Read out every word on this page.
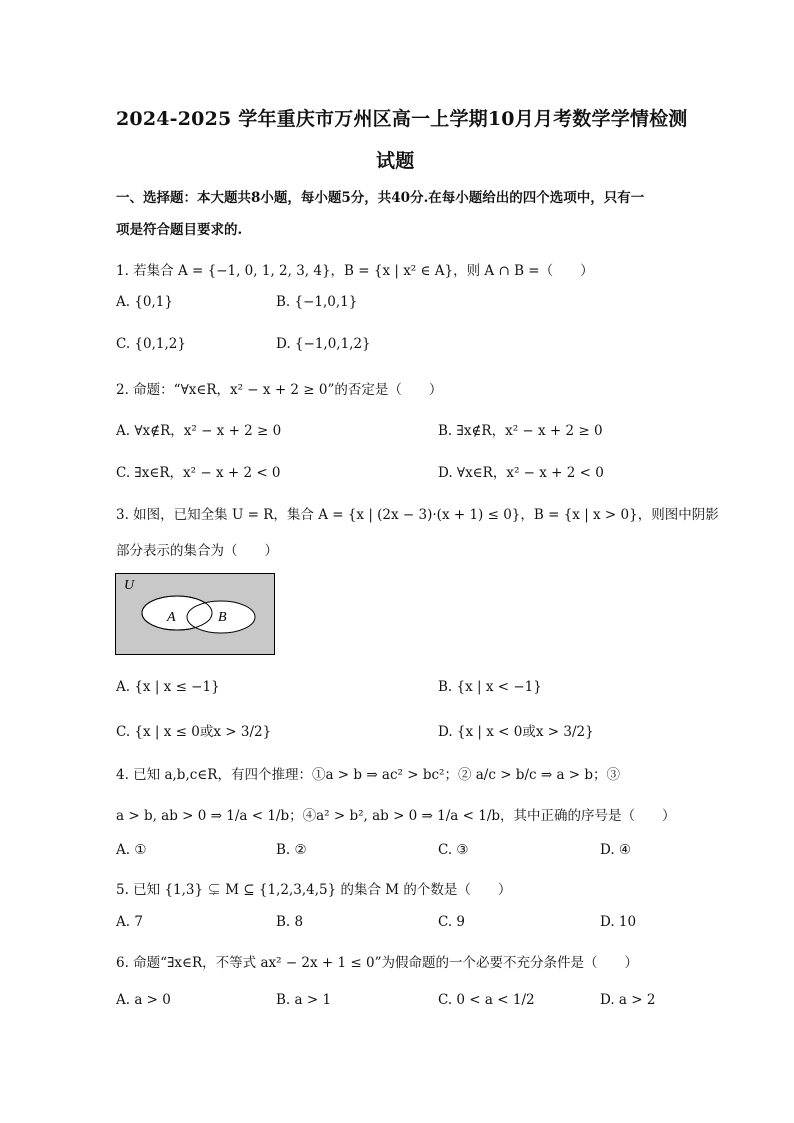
2024-2025 学年重庆市万州区高一上学期10月月考数学学情检测
试题
一、选择题：本大题共8小题，每小题5分，共40分.在每小题给出的四个选项中，只有一
项是符合题目要求的.
1. 若集合 A = {−1, 0, 1, 2, 3, 4}，B = {x | x² ∈ A}，则 A ∩ B =（　　）
A. {0,1}	B. {−1,0,1}
C. {0,1,2}	D. {−1,0,1,2}
2. 命题：“∀x∈R，x² − x + 2 ≥ 0”的否定是（　　）
A. ∀x∉R，x² − x + 2 ≥ 0	B. ∃x∉R，x² − x + 2 ≥ 0
C. ∃x∈R，x² − x + 2 < 0	D. ∀x∈R，x² − x + 2 < 0
3. 如图，已知全集 U = R，集合 A = {x | (2x − 3)·(x + 1) ≤ 0}，B = {x | x > 0}，则图中阴影
部分表示的集合为（　　）
U
A	B
A. {x | x ≤ −1}	B. {x | x < −1}
C. {x | x ≤ 0或x > 3/2}	D. {x | x < 0或x > 3/2}
4. 已知 a,b,c∈R，有四个推理：①a > b ⇒ ac² > bc²；② a/c > b/c ⇒ a > b；③
a > b, ab > 0 ⇒ 1/a < 1/b；④a² > b², ab > 0 ⇒ 1/a < 1/b，其中正确的序号是（　　）
A. ①	B. ②	C. ③	D. ④
5. 已知 {1,3} ⊊ M ⊆ {1,2,3,4,5} 的集合 M 的个数是（　　）
A. 7	B. 8	C. 9	D. 10
6. 命题“∃x∈R，不等式 ax² − 2x + 1 ≤ 0”为假命题的一个必要不充分条件是（　　）
A. a > 0	B. a > 1	C. 0 < a < 1/2	D. a > 2
